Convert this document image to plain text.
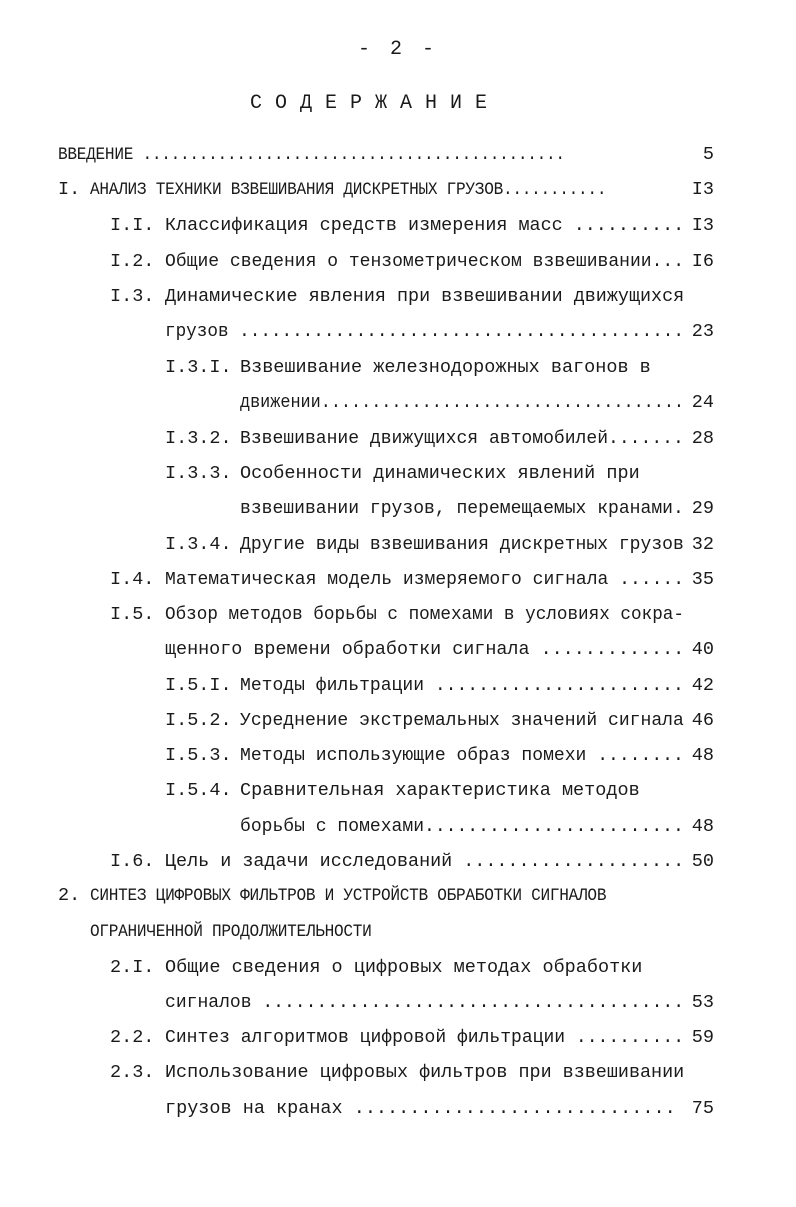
- 2 -
СОДЕРЖАНИЕ
ВВЕДЕНИЕ .............................................	5
I. АНАЛИЗ ТЕХНИКИ ВЗВЕШИВАНИЯ ДИСКРЕТНЫХ ГРУЗОВ...........	I3
I.I. Классификация средств измерения масс .......... I3
I.2. Общие сведения о тензометрическом взвешивании... I6
I.3. Динамические явления при взвешивании движущихся
грузов .......................................... 23
I.3.I. Взвешивание железнодорожных вагонов в
движении.................................... 24
I.3.2. Взвешивание движущихся автомобилей....... 28
I.3.3. Особенности динамических явлений при
взвешивании грузов, перемещаемых кранами. 29
I.3.4. Другие виды взвешивания дискретных грузов 32
I.4. Математическая модель измеряемого сигнала ...... 35
I.5. Обзор методов борьбы с помехами в условиях сокра-
щенного времени обработки сигнала ............. 40
I.5.I. Методы фильтрации ....................... 42
I.5.2. Усреднение экстремальных значений сигнала 46
I.5.3. Методы использующие образ помехи ........ 48
I.5.4. Сравнительная характеристика методов
борьбы с помехами........................ 48
I.6. Цель и задачи исследований .................... 50
2. СИНТЕЗ ЦИФРОВЫХ ФИЛЬТРОВ И УСТРОЙСТВ ОБРАБОТКИ СИГНАЛОВ
ОГРАНИЧЕННОЙ ПРОДОЛЖИТЕЛЬНОСТИ
2.I. Общие сведения о цифровых методах обработки
сигналов ....................................... 53
2.2. Синтез алгоритмов цифровой фильтрации .......... 59
2.3. Использование цифровых фильтров при взвешивании
грузов на кранах ............................. 75
